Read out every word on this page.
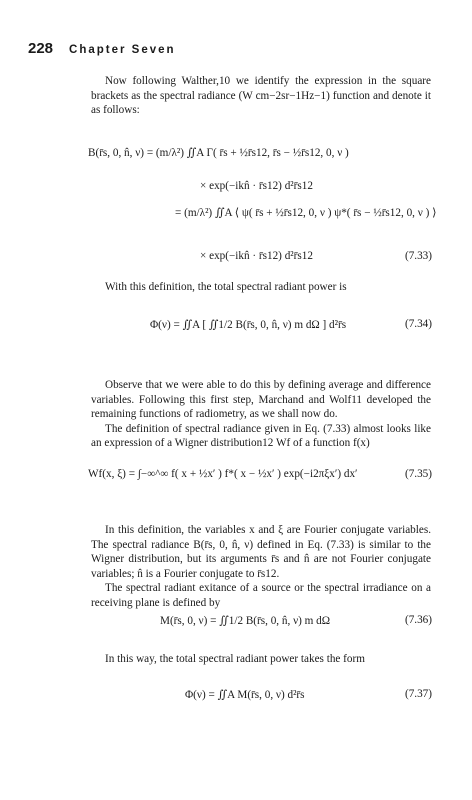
228 Chapter Seven

Now following Walther,10 we identify the expression in the square brackets as the spectral radiance (W cm−2sr−1Hz−1) function and denote it as follows:

B(r̄s, 0, n̂, ν) = (m/λ²) ∬A Γ( r̄s + ½r̄s12, r̄s − ½r̄s12, 0, ν )
× exp(−ikn̂ · r̄s12) d²r̄s12
= (m/λ²) ∬A ⟨ ψ( r̄s + ½r̄s12, 0, ν ) ψ*( r̄s − ½r̄s12, 0, ν ) ⟩
× exp(−ikn̂ · r̄s12) d²r̄s12	(7.33)

With this definition, the total spectral radiant power is

Φ(ν) = ∬A [ ∬1/2 B(r̄s, 0, n̂, ν) m dΩ ] d²r̄s	(7.34)

Observe that we were able to do this by defining average and difference variables. Following this first step, Marchand and Wolf11 developed the remaining functions of radiometry, as we shall now do.

The definition of spectral radiance given in Eq. (7.33) almost looks like an expression of a Wigner distribution12 Wf of a function f(x)

Wf(x, ξ) = ∫−∞^∞ f( x + ½x′ ) f*( x − ½x′ ) exp(−i2πξx′) dx′	(7.35)

In this definition, the variables x and ξ are Fourier conjugate variables. The spectral radiance B(r̄s, 0, n̂, ν) defined in Eq. (7.33) is similar to the Wigner distribution, but its arguments r̄s and n̂ are not Fourier conjugate variables; n̂ is a Fourier conjugate to r̄s12.

The spectral radiant exitance of a source or the spectral irradiance on a receiving plane is defined by

M(r̄s, 0, ν) = ∬1/2 B(r̄s, 0, n̂, ν) m dΩ	(7.36)

In this way, the total spectral radiant power takes the form

Φ(ν) = ∬A M(r̄s, 0, ν) d²r̄s	(7.37)
